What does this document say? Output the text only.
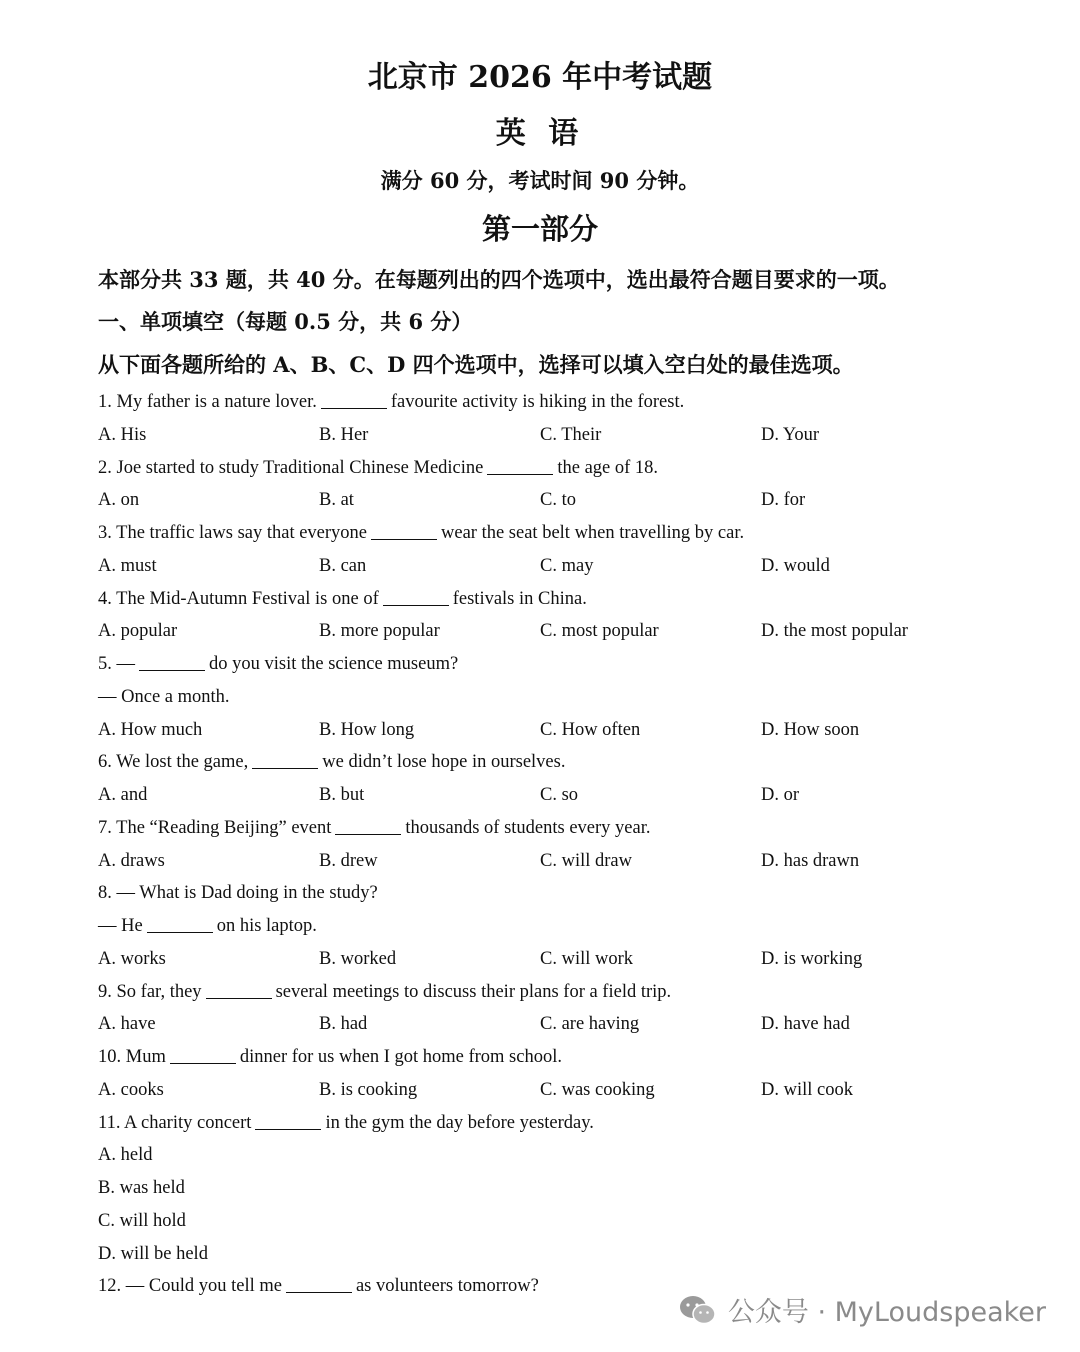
北京市 2026 年中考试题
英 语
满分 60 分，考试时间 90 分钟。
第一部分
本部分共 33 题，共 40 分。在每题列出的四个选项中，选出最符合题目要求的一项。
一、单项填空（每题 0.5 分，共 6 分）
从下面各题所给的 A、B、C、D 四个选项中，选择可以填入空白处的最佳选项。
1. My father is a nature lover.	favourite activity is hiking in the forest.
A. His	B. Her	C. Their	D. Your
2. Joe started to study Traditional Chinese Medicine	the age of 18.
A. on	B. at	C. to	D. for
3. The traffic laws say that everyone	wear the seat belt when travelling by car.
A. must	B. can	C. may	D. would
4. The Mid-Autumn Festival is one of	festivals in China.
A. popular	B. more popular	C. most popular	D. the most popular
5. —	do you visit the science museum?
— Once a month.
A. How much	B. How long	C. How often	D. How soon
6. We lost the game,	we didn’t lose hope in ourselves.
A. and	B. but	C. so	D. or
7. The “Reading Beijing” event	thousands of students every year.
A. draws	B. drew	C. will draw	D. has drawn
8. — What is Dad doing in the study?
— He	on his laptop.
A. works	B. worked	C. will work	D. is working
9. So far, they	several meetings to discuss their plans for a field trip.
A. have	B. had	C. are having	D. have had
10. Mum	dinner for us when I got home from school.
A. cooks	B. is cooking	C. was cooking	D. will cook
11. A charity concert	in the gym the day before yesterday.
A. held
B. was held
C. will hold
D. will be held
12. — Could you tell me	as volunteers tomorrow?
公众号 · MyLoudspeaker
